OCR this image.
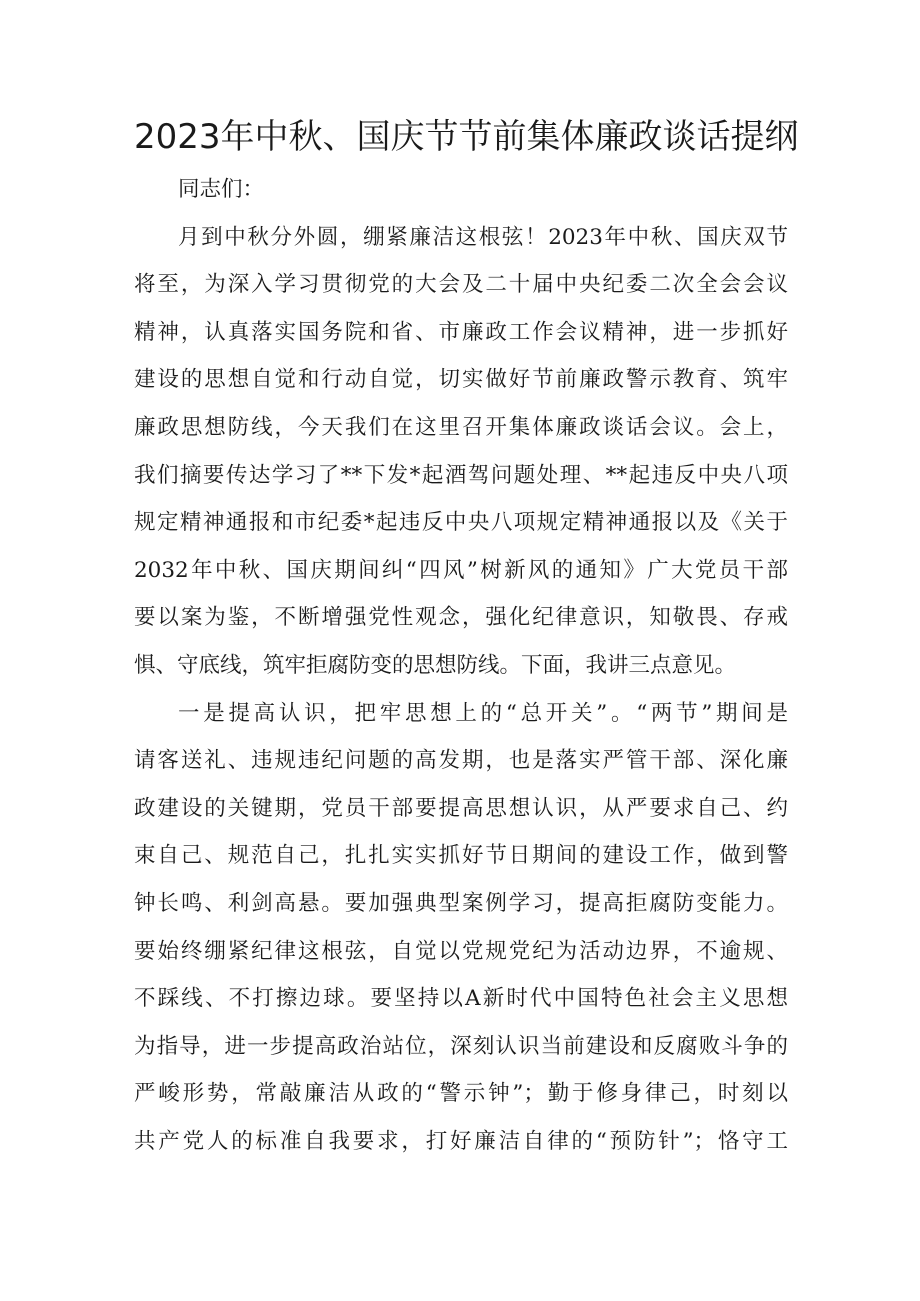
2023年中秋、国庆节节前集体廉政谈话提纲
同志们：
月到中秋分外圆，绷紧廉洁这根弦！2023年中秋、国庆双节
将至，为深入学习贯彻党的大会及二十届中央纪委二次全会会议
精神，认真落实国务院和省、市廉政工作会议精神，进一步抓好
建设的思想自觉和行动自觉，切实做好节前廉政警示教育、筑牢
廉政思想防线，今天我们在这里召开集体廉政谈话会议。会上，
我们摘要传达学习了**下发*起酒驾问题处理、**起违反中央八项
规定精神通报和市纪委*起违反中央八项规定精神通报以及《关于
2032年中秋、国庆期间纠“四风”树新风的通知》广大党员干部
要以案为鉴，不断增强党性观念，强化纪律意识，知敬畏、存戒
惧、守底线，筑牢拒腐防变的思想防线。下面，我讲三点意见。
一是提高认识，把牢思想上的“总开关”。“两节”期间是
请客送礼、违规违纪问题的高发期，也是落实严管干部、深化廉
政建设的关键期，党员干部要提高思想认识，从严要求自己、约
束自己、规范自己，扎扎实实抓好节日期间的建设工作，做到警
钟长鸣、利剑高悬。要加强典型案例学习，提高拒腐防变能力。
要始终绷紧纪律这根弦，自觉以党规党纪为活动边界，不逾规、
不踩线、不打擦边球。要坚持以A新时代中国特色社会主义思想
为指导，进一步提高政治站位，深刻认识当前建设和反腐败斗争的
严峻形势，常敲廉洁从政的“警示钟”；勤于修身律己，时刻以
共产党人的标准自我要求，打好廉洁自律的“预防针”；恪守工
